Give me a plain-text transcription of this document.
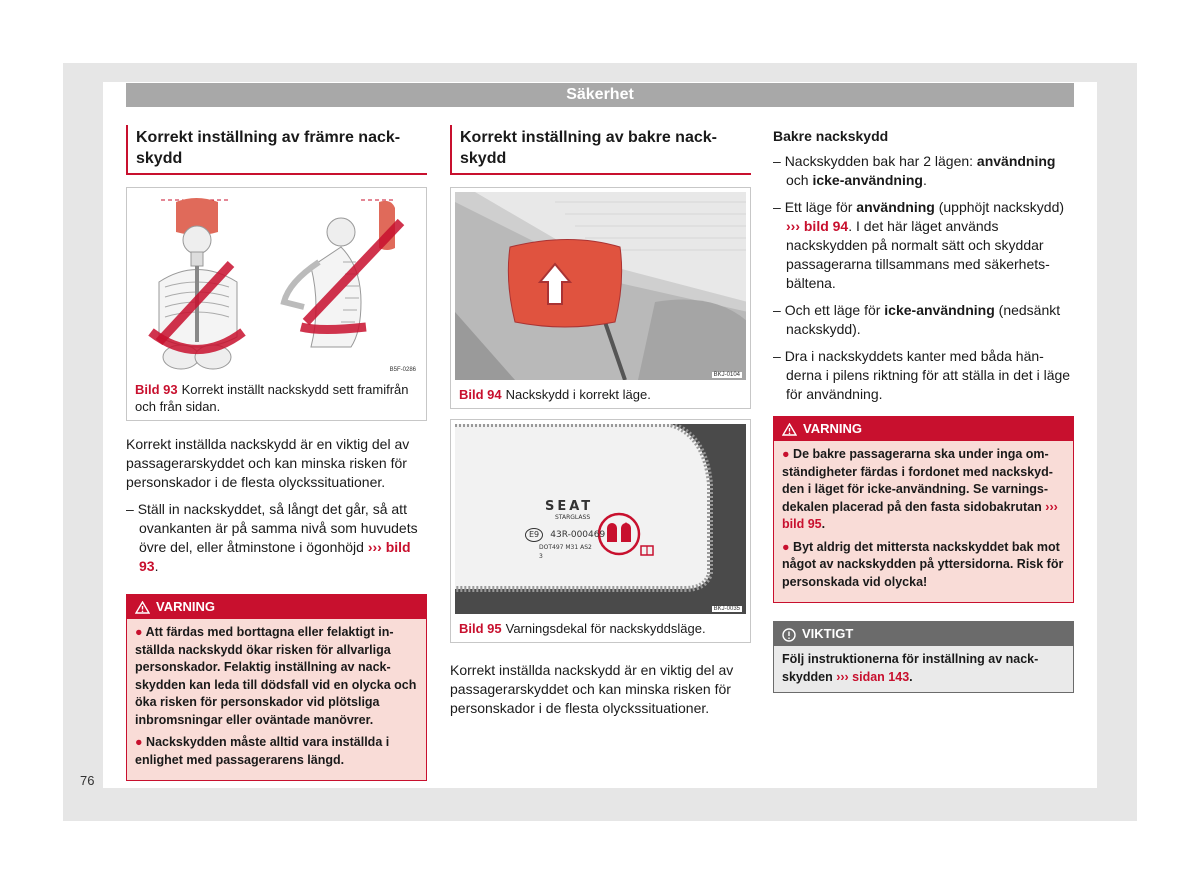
Säkerhet
Korrekt inställning av främre nackskydd
B5F-0286
Bild 93 Korrekt inställt nackskydd sett framifrån och från sidan.

Korrekt inställda nackskydd är en viktig del av passagerarskyddet och kan minska risken för personskador i de flesta olyckssituationer.

– Ställ in nackskyddet, så långt det går, så att ovankanten är på samma nivå som huvudets övre del, eller åtminstone i ögonhöjd ››› bild 93.
VARNING

● Att färdas med borttagna eller felaktigt inställda nackskydd ökar risken för allvarliga personskador. Felaktig inställning av nackskydden kan leda till dödsfall vid en olycka och öka risken för personskador vid plötsliga inbromsningar eller oväntade manövrer.

● Nackskydden måste alltid vara inställda i enlighet med passagerarens längd.

Korrekt inställning av bakre nackskydd
BKJ-0104
Bild 94 Nackskydd i korrekt läge.
SEAT
STARGLASS
E9 43R-000469
DOT497 M31 AS2
3
BKJ-0035
Bild 95 Varningsdekal för nackskyddsläge.

Korrekt inställda nackskydd är en viktig del av passagerarskyddet och kan minska risken för personskador i de flesta olyckssituationer.

Bakre nackskydd
– Nackskydden bak har 2 lägen: användning och icke-användning.
– Ett läge för användning (upphöjt nackskydd) ››› bild 94. I det här läget används nackskydden på normalt sätt och skyddar passagerarna tillsammans med säkerhetsbältena.
– Och ett läge för icke-användning (nedsänkt nackskydd).
– Dra i nackskyddets kanter med båda händerna i pilens riktning för att ställa in det i läge för användning.
VARNING

● De bakre passagerarna ska under inga omständigheter färdas i fordonet med nackskydden i läget för icke-användning. Se varningsdekalen placerad på den fasta sidobakrutan ››› bild 95.

● Byt aldrig det mittersta nackskyddet bak mot något av nackskydden på yttersidorna. Risk för personskada vid olycka!

VIKTIGT
Följ instruktionerna för inställning av nackskydden ››› sidan 143.
76
